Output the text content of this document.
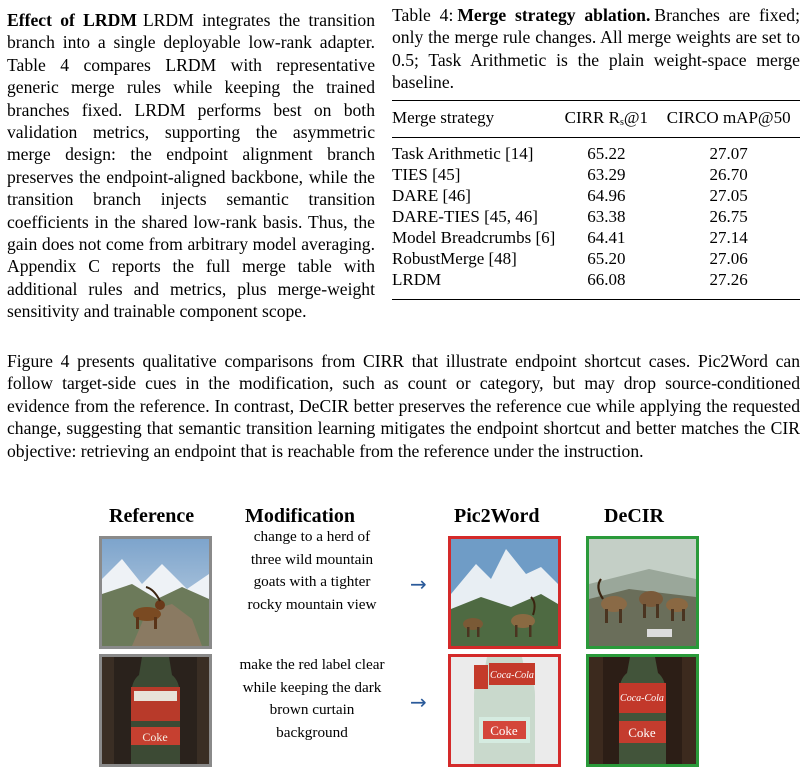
Effect of LRDM LRDM integrates the transition branch into a single deployable low-rank adapter. Table 4 compares LRDM with representative generic merge rules while keeping the trained branches fixed. LRDM performs best on both validation metrics, supporting the asymmetric merge design: the endpoint alignment branch preserves the endpoint-aligned backbone, while the transition branch injects semantic transition coefficients in the shared low-rank basis. Thus, the gain does not come from arbitrary model averaging. Appendix C reports the full merge table with additional rules and metrics, plus merge-weight sensitivity and trainable component scope.

Table 4: Merge strategy ablation. Branches are fixed; only the merge rule changes. All merge weights are set to 0.5; Task Arithmetic is the plain weight-space merge baseline.

Merge strategy	CIRR $R_s@1$	CIRCO mAP@50
Task Arithmetic [14]	65.22	27.07
TIES [45]	63.29	26.70
DARE [46]	64.96	27.05
DARE-TIES [45, 46]	63.38	26.75
Model Breadcrumbs [6]	64.41	27.14
RobustMerge [48]	65.20	27.06
LRDM	66.08	27.26

Figure 4 presents qualitative comparisons from CIRR that illustrate endpoint shortcut cases. Pic2Word can follow target-side cues in the modification, such as count or category, but may drop source-conditioned evidence from the reference. In contrast, DeCIR better preserves the reference cue while applying the requested change, suggesting that semantic transition learning mitigates the endpoint shortcut and better matches the CIR objective: retrieving an endpoint that is reachable from the reference under the instruction.

Reference	Modification	Pic2Word	DeCIR
change to a herd of three wild mountain goats with a tighter rocky mountain view
→
Coke
make the red label clear while keeping the dark brown curtain background
→
Coca-Cola
Coke
Coca-Cola
Coke
